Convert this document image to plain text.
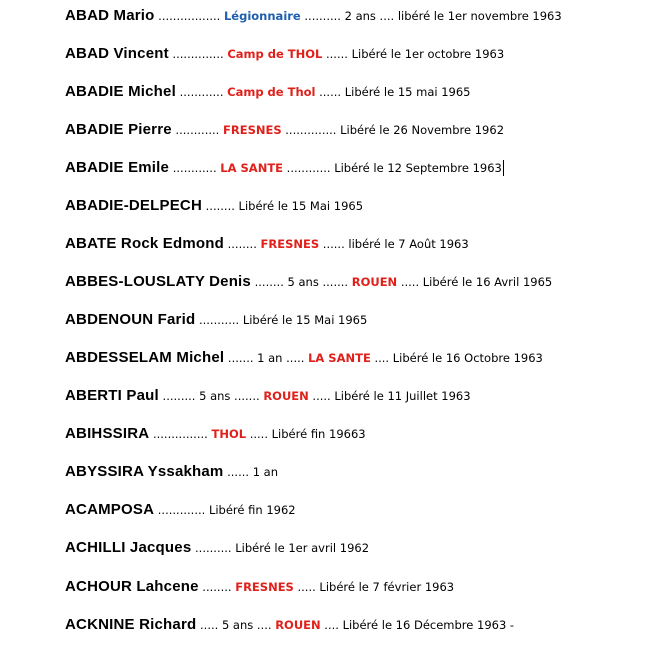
ABAD Mario ................. Légionnaire .......... 2 ans .... libéré le 1er novembre 1963
ABAD Vincent .............. Camp de THOL ...... Libéré le 1er octobre 1963
ABADIE Michel ............ Camp de Thol ...... Libéré le 15 mai 1965
ABADIE Pierre ............ FRESNES .............. Libéré le 26 Novembre 1962
ABADIE Emile ............ LA SANTE ............ Libéré le 12 Septembre 1963
ABADIE-DELPECH ........ Libéré le 15 Mai 1965
ABATE Rock Edmond ........ FRESNES ...... libéré le 7 Août 1963
ABBES-LOUSLATY Denis ........ 5 ans ....... ROUEN ..... Libéré le 16 Avril 1965
ABDENOUN Farid ........... Libéré le 15 Mai 1965
ABDESSELAM Michel ....... 1 an ..... LA SANTE .... Libéré le 16 Octobre 1963
ABERTI Paul ......... 5 ans ....... ROUEN ..... Libéré le 11 Juillet 1963
ABIHSSIRA ............... THOL ..... Libéré fin 19663
ABYSSIRA Yssakham ...... 1 an
ACAMPOSA ............. Libéré fin 1962
ACHILLI Jacques .......... Libéré le 1er avril 1962
ACHOUR Lahcene ........ FRESNES ..... Libéré le 7 février 1963
ACKNINE Richard ..... 5 ans .... ROUEN .... Libéré le 16 Décembre 1963 -
